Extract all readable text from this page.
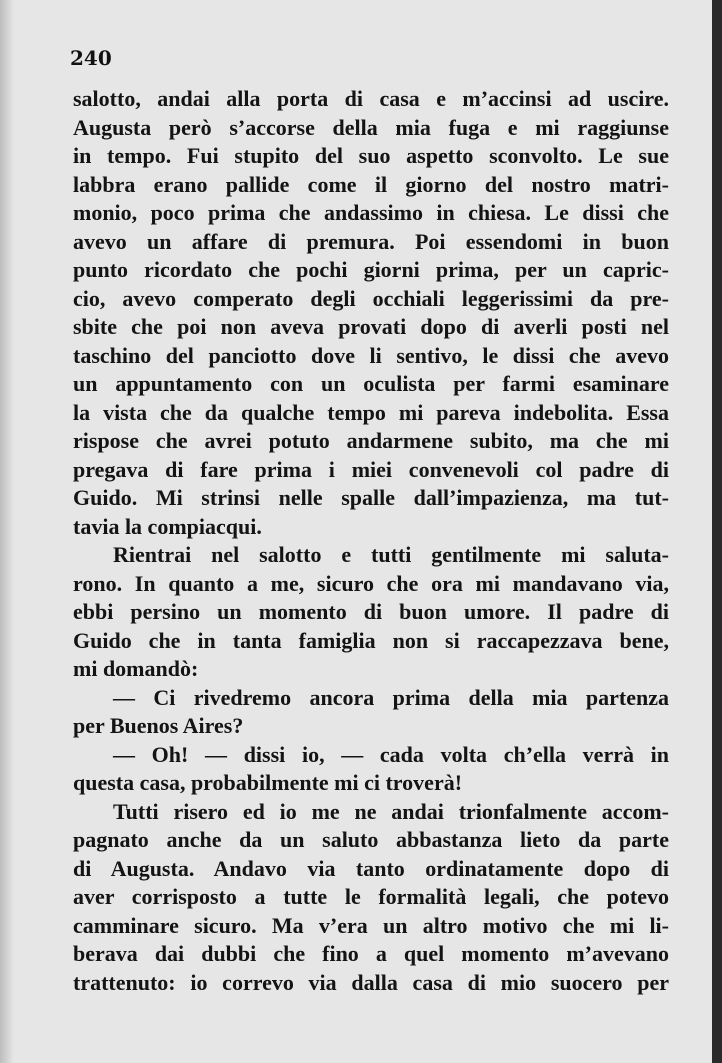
240

salotto, andai alla porta di casa e m’accinsi ad uscire.
Augusta però s’accorse della mia fuga e mi raggiunse
in tempo. Fui stupito del suo aspetto sconvolto. Le sue
labbra erano pallide come il giorno del nostro matri-
monio, poco prima che andassimo in chiesa. Le dissi che
avevo un affare di premura. Poi essendomi in buon
punto ricordato che pochi giorni prima, per un capric-
cio, avevo comperato degli occhiali leggerissimi da pre-
sbite che poi non aveva provati dopo di averli posti nel
taschino del panciotto dove li sentivo, le dissi che avevo
un appuntamento con un oculista per farmi esaminare
la vista che da qualche tempo mi pareva indebolita. Essa
rispose che avrei potuto andarmene subito, ma che mi
pregava di fare prima i miei convenevoli col padre di
Guido. Mi strinsi nelle spalle dall’impazienza, ma tut-
tavia la compiacqui.
Rientrai nel salotto e tutti gentilmente mi saluta-
rono. In quanto a me, sicuro che ora mi mandavano via,
ebbi persino un momento di buon umore. Il padre di
Guido che in tanta famiglia non si raccapezzava bene,
mi domandò:
— Ci rivedremo ancora prima della mia partenza
per Buenos Aires?
— Oh! — dissi io, — cada volta ch’ella verrà in
questa casa, probabilmente mi ci troverà!
Tutti risero ed io me ne andai trionfalmente accom-
pagnato anche da un saluto abbastanza lieto da parte
di Augusta. Andavo via tanto ordinatamente dopo di
aver corrisposto a tutte le formalità legali, che potevo
camminare sicuro. Ma v’era un altro motivo che mi li-
berava dai dubbi che fino a quel momento m’avevano
trattenuto: io correvo via dalla casa di mio suocero per
